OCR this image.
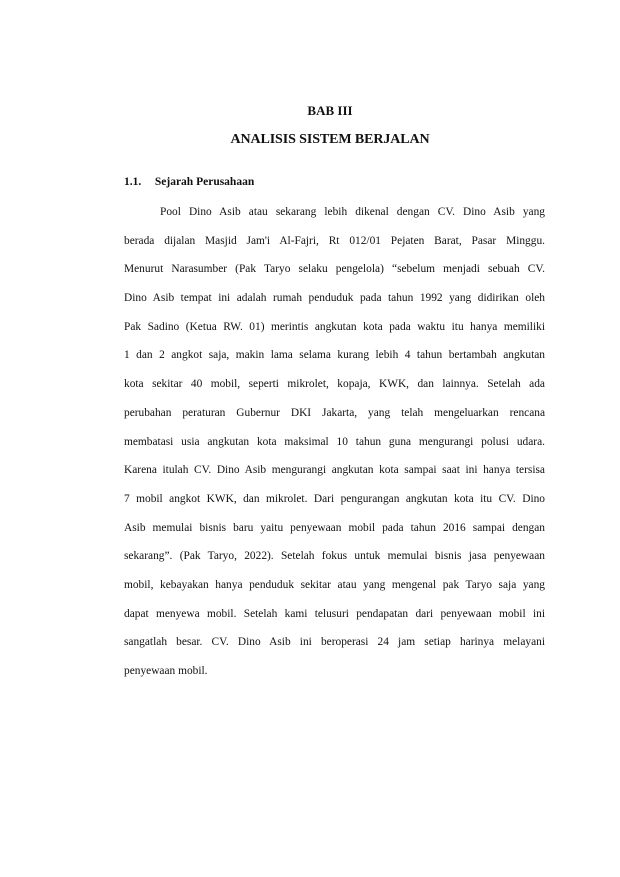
BAB III
ANALISIS SISTEM BERJALAN
1.1. Sejarah Perusahaan
Pool Dino Asib atau sekarang lebih dikenal dengan CV. Dino Asib yang
berada dijalan Masjid Jam'i Al-Fajri, Rt 012/01 Pejaten Barat, Pasar Minggu.
Menurut Narasumber (Pak Taryo selaku pengelola) “sebelum menjadi sebuah CV.
Dino Asib tempat ini adalah rumah penduduk pada tahun 1992 yang didirikan oleh
Pak Sadino (Ketua RW. 01) merintis angkutan kota pada waktu itu hanya memiliki
1 dan 2 angkot saja, makin lama selama kurang lebih 4 tahun bertambah angkutan
kota sekitar 40 mobil, seperti mikrolet, kopaja, KWK, dan lainnya. Setelah ada
perubahan peraturan Gubernur DKI Jakarta, yang telah mengeluarkan rencana
membatasi usia angkutan kota maksimal 10 tahun guna mengurangi polusi udara.
Karena itulah CV. Dino Asib mengurangi angkutan kota sampai saat ini hanya tersisa
7 mobil angkot KWK, dan mikrolet. Dari pengurangan angkutan kota itu CV. Dino
Asib memulai bisnis baru yaitu penyewaan mobil pada tahun 2016 sampai dengan
sekarang”. (Pak Taryo, 2022). Setelah fokus untuk memulai bisnis jasa penyewaan
mobil, kebayakan hanya penduduk sekitar atau yang mengenal pak Taryo saja yang
dapat menyewa mobil. Setelah kami telusuri pendapatan dari penyewaan mobil ini
sangatlah besar. CV. Dino Asib ini beroperasi 24 jam setiap harinya melayani
penyewaan mobil.
